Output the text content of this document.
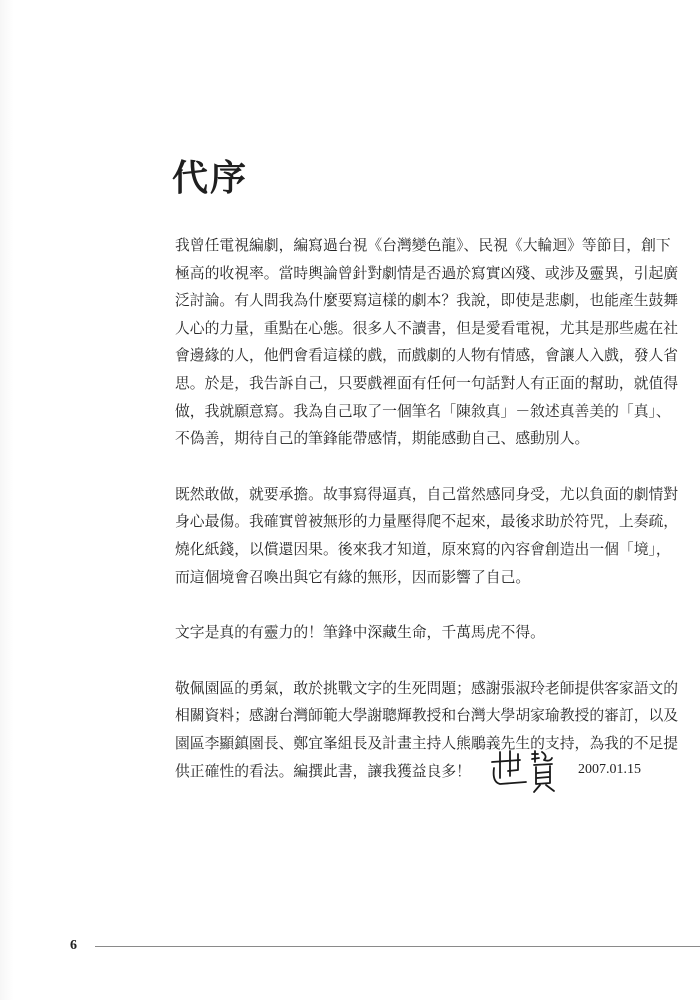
代序

我曾任電視編劇，編寫過台視《台灣變色龍》、民視《大輪迴》等節目，創下
極高的收視率。當時輿論曾針對劇情是否過於寫實凶殘、或涉及靈異，引起廣
泛討論。有人問我為什麼要寫這樣的劇本？我說，即使是悲劇，也能產生鼓舞
人心的力量，重點在心態。很多人不讀書，但是愛看電視，尤其是那些處在社
會邊緣的人，他們會看這樣的戲，而戲劇的人物有情感，會讓人入戲，發人省
思。於是，我告訴自己，只要戲裡面有任何一句話對人有正面的幫助，就值得
做，我就願意寫。我為自己取了一個筆名「陳敘真」－敘述真善美的「真」、
不偽善，期待自己的筆鋒能帶感情，期能感動自己、感動別人。

既然敢做，就要承擔。故事寫得逼真，自己當然感同身受，尤以負面的劇情對
身心最傷。我確實曾被無形的力量壓得爬不起來，最後求助於符咒，上奏疏，
燒化紙錢，以償還因果。後來我才知道，原來寫的內容會創造出一個「境」，
而這個境會召喚出與它有緣的無形，因而影響了自己。

文字是真的有靈力的！筆鋒中深藏生命，千萬馬虎不得。

敬佩園區的勇氣，敢於挑戰文字的生死問題；感謝張淑玲老師提供客家語文的
相關資料；感謝台灣師範大學謝聰輝教授和台灣大學胡家瑜教授的審訂，以及
園區李顯鎮園長、鄭宜峯組長及計畫主持人熊鵰義先生的支持，為我的不足提
供正確性的看法。編撰此書，讓我獲益良多！	2007.01.15
6
